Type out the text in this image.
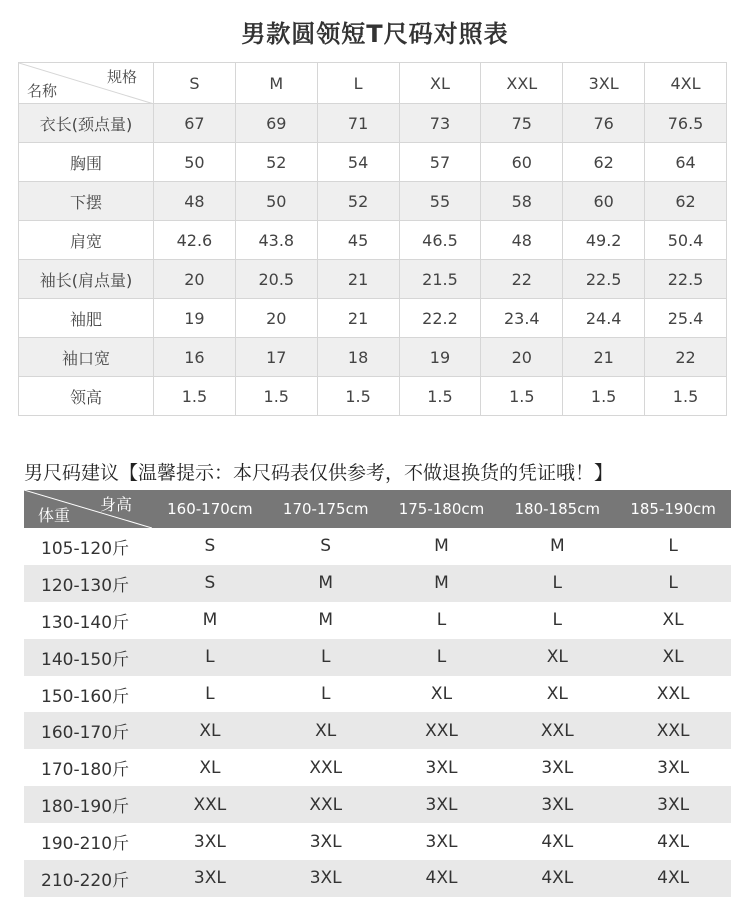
男款圆领短T尺码对照表
规格
名称	S	M	L	XL	XXL	3XL	4XL
衣长(颈点量)	67	69	71	73	75	76	76.5
胸围	50	52	54	57	60	62	64
下摆	48	50	52	55	58	60	62
肩宽	42.6	43.8	45	46.5	48	49.2	50.4
袖长(肩点量)	20	20.5	21	21.5	22	22.5	22.5
袖肥	19	20	21	22.2	23.4	24.4	25.4
袖口宽	16	17	18	19	20	21	22
领高	1.5	1.5	1.5	1.5	1.5	1.5	1.5
男尺码建议【温馨提示：本尺码表仅供参考，不做退换货的凭证哦！】
身高
体重	160-170cm	170-175cm	175-180cm	180-185cm	185-190cm
105-120斤	S	S	M	M	L
120-130斤	S	M	M	L	L
130-140斤	M	M	L	L	XL
140-150斤	L	L	L	XL	XL
150-160斤	L	L	XL	XL	XXL
160-170斤	XL	XL	XXL	XXL	XXL
170-180斤	XL	XXL	3XL	3XL	3XL
180-190斤	XXL	XXL	3XL	3XL	3XL
190-210斤	3XL	3XL	3XL	4XL	4XL
210-220斤	3XL	3XL	4XL	4XL	4XL
